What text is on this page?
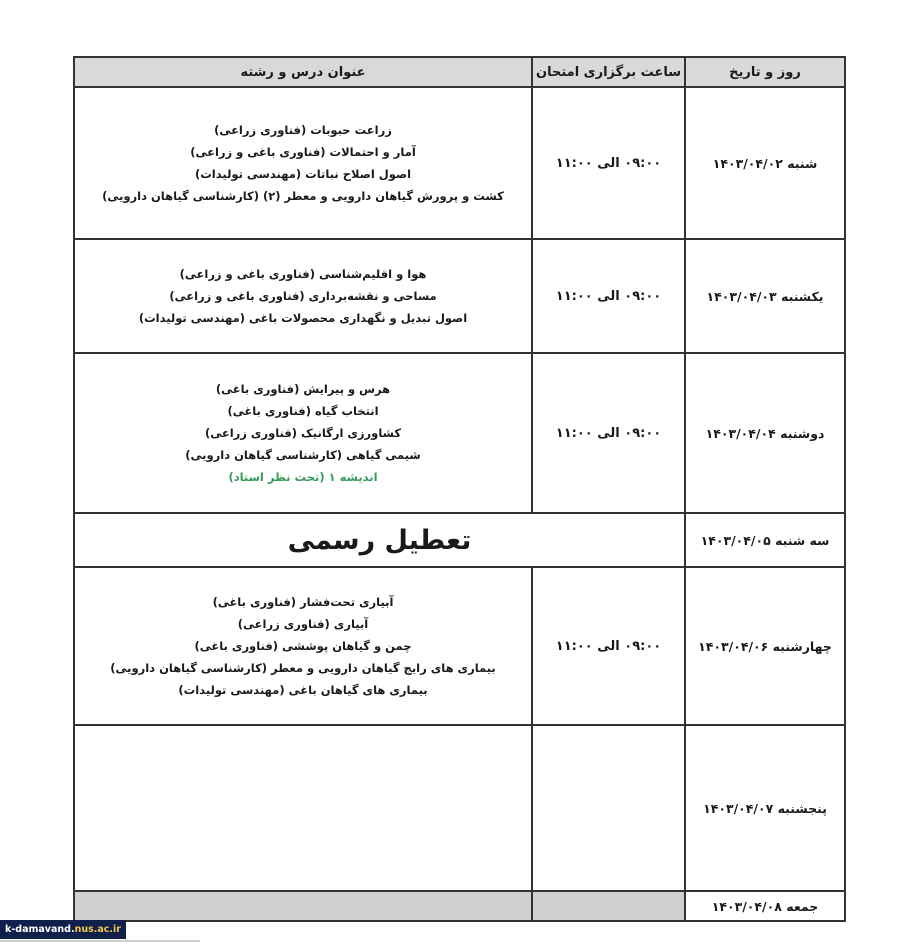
روز و تاریخ	ساعت برگزاری امتحان	عنوان درس و رشته
شنبه ۱۴۰۳/۰۴/۰۲	۰۹:۰۰ الی ۱۱:۰۰	زراعت حبوبات (فناوری زراعی)
آمار و احتمالات (فناوری باغی و زراعی)
اصول اصلاح نباتات (مهندسی تولیدات)
کشت و پرورش گیاهان دارویی و معطر (۲) (کارشناسی گیاهان دارویی)

یکشنبه ۱۴۰۳/۰۴/۰۳	۰۹:۰۰ الی ۱۱:۰۰	هوا و اقلیم‌شناسی (فناوری باغی و زراعی)
مساحی و نقشه‌برداری (فناوری باغی و زراعی)
اصول تبدیل و نگهداری محصولات باغی (مهندسی تولیدات)

دوشنبه ۱۴۰۳/۰۴/۰۴	۰۹:۰۰ الی ۱۱:۰۰	هرس و پیرایش (فناوری باغی)
انتخاب گیاه (فناوری باغی)
کشاورزی ارگانیک (فناوری زراعی)
شیمی گیاهی (کارشناسی گیاهان دارویی)
اندیشه ۱ (تحت نظر استاد)

سه شنبه ۱۴۰۳/۰۴/۰۵	تعطیل رسمی	
چهارشنبه ۱۴۰۳/۰۴/۰۶	۰۹:۰۰ الی ۱۱:۰۰	آبیاری تحت‌فشار (فناوری باغی)
آبیاری (فناوری زراعی)
چمن و گیاهان پوششی (فناوری باغی)
بیماری های رایج گیاهان دارویی و معطر (کارشناسی گیاهان دارویی)
بیماری های گیاهان باغی (مهندسی تولیدات)

پنجشنبه ۱۴۰۳/۰۴/۰۷		
جمعه ۱۴۰۳/۰۴/۰۸		
k-damavand.nus.ac.ir
